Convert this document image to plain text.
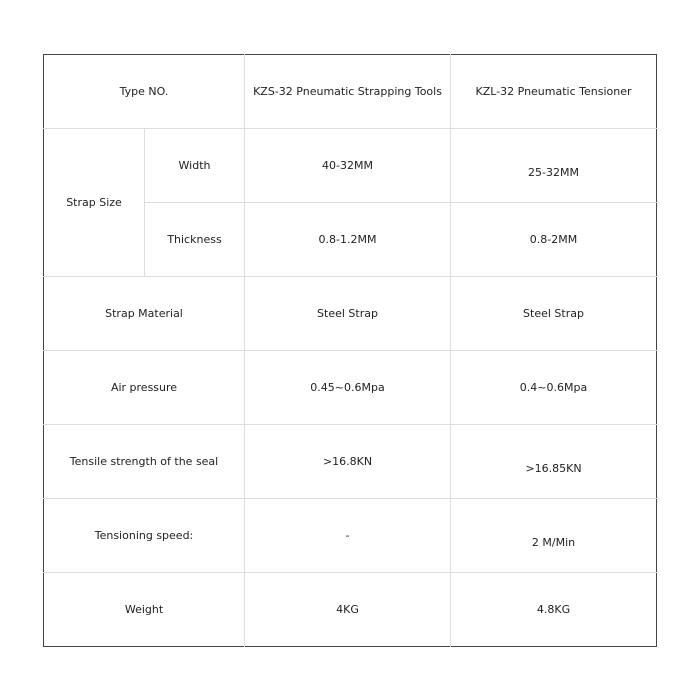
Type NO.		KZS-32 Pneumatic Strapping Tools	KZL-32 Pneumatic Tensioner
Strap Size	Width	40-32MM	25-32MM
	Thickness	0.8-1.2MM	0.8-2MM
Strap Material		Steel Strap	Steel Strap
Air pressure		0.45~0.6Mpa	0.4~0.6Mpa
Tensile strength of the seal		>16.8KN	>16.85KN
Tensioning speed:		-	2 M/Min
Weight		4KG	4.8KG
